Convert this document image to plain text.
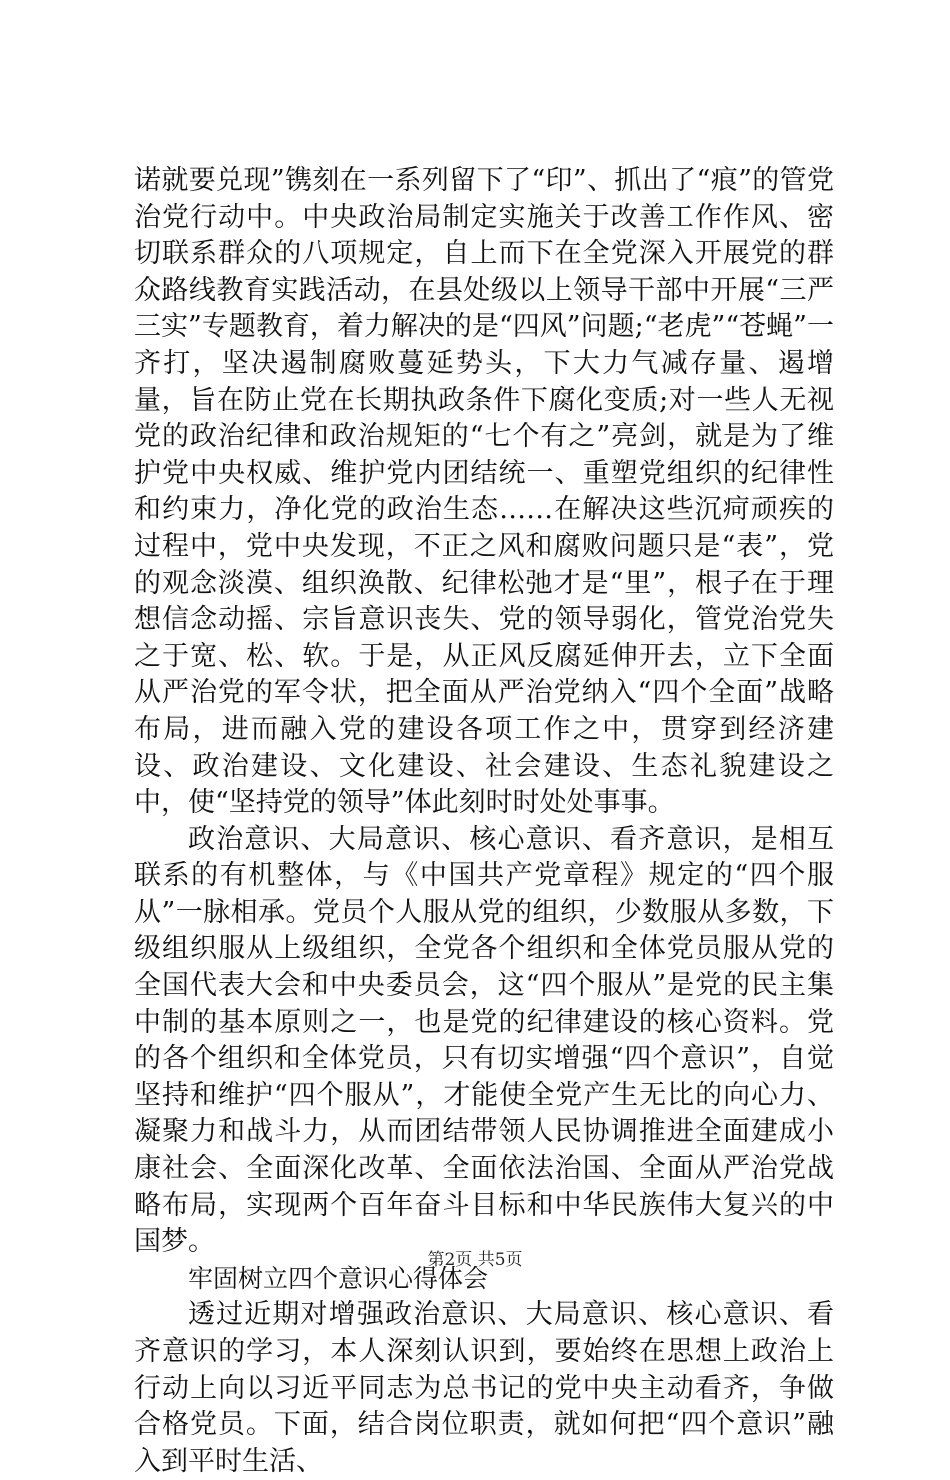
诺就要兑现”镌刻在一系列留下了“印”、抓出了“痕”的管党治党行动中。中央政治局制定实施关于改善工作作风、密切联系群众的八项规定，自上而下在全党深入开展党的群众路线教育实践活动，在县处级以上领导干部中开展“三严三实”专题教育，着力解决的是“四风”问题;“老虎”“苍蝇”一齐打，坚决遏制腐败蔓延势头，下大力气减存量、遏增量，旨在防止党在长期执政条件下腐化变质;对一些人无视党的政治纪律和政治规矩的“七个有之”亮剑，就是为了维护党中央权威、维护党内团结统一、重塑党组织的纪律性和约束力，净化党的政治生态……在解决这些沉疴顽疾的过程中，党中央发现，不正之风和腐败问题只是“表”，党的观念淡漠、组织涣散、纪律松弛才是“里”，根子在于理想信念动摇、宗旨意识丧失、党的领导弱化，管党治党失之于宽、松、软。于是，从正风反腐延伸开去，立下全面从严治党的军令状，把全面从严治党纳入“四个全面”战略布局，进而融入党的建设各项工作之中，贯穿到经济建设、政治建设、文化建设、社会建设、生态礼貌建设之中，使“坚持党的领导”体此刻时时处处事事。

政治意识、大局意识、核心意识、看齐意识，是相互联系的有机整体，与《中国共产党章程》规定的“四个服从”一脉相承。党员个人服从党的组织，少数服从多数，下级组织服从上级组织，全党各个组织和全体党员服从党的全国代表大会和中央委员会，这“四个服从”是党的民主集中制的基本原则之一，也是党的纪律建设的核心资料。党的各个组织和全体党员，只有切实增强“四个意识”，自觉坚持和维护“四个服从”，才能使全党产生无比的向心力、凝聚力和战斗力，从而团结带领人民协调推进全面建成小康社会、全面深化改革、全面依法治国、全面从严治党战略布局，实现两个百年奋斗目标和中华民族伟大复兴的中国梦。

牢固树立四个意识心得体会

透过近期对增强政治意识、大局意识、核心意识、看齐意识的学习，本人深刻认识到，要始终在思想上政治上行动上向以习近平同志为总书记的党中央主动看齐，争做合格党员。下面，结合岗位职责，就如何把“四个意识”融入到平时生活、

第2页 共5页
